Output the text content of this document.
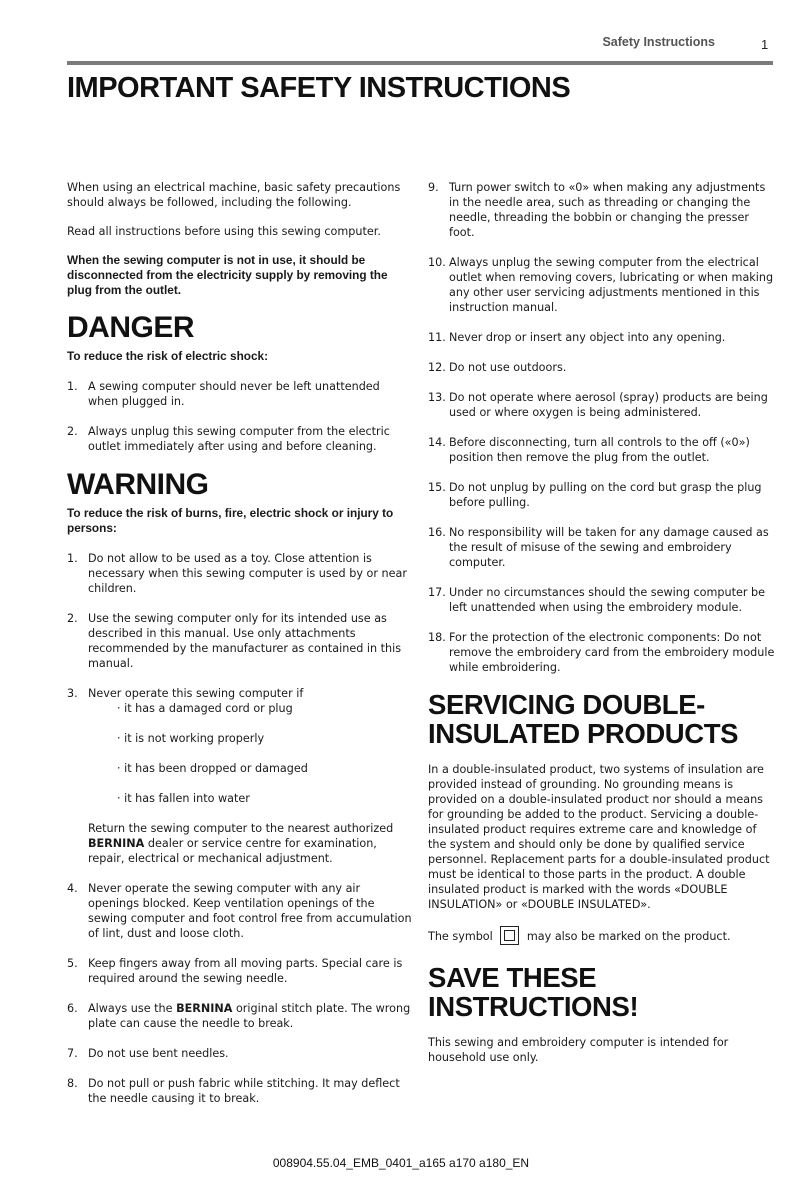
Safety Instructions	1
IMPORTANT SAFETY INSTRUCTIONS

When using an electrical machine, basic safety precautions should always be followed, including the following.

Read all instructions before using this sewing computer.

When the sewing computer is not in use, it should be disconnected from the electricity supply by removing the plug from the outlet.

DANGER

To reduce the risk of electric shock:

1. A sewing computer should never be left unattended when plugged in.
2. Always unplug this sewing computer from the electric outlet immediately after using and before cleaning.
WARNING

To reduce the risk of burns, fire, electric shock or injury to persons:

1. Do not allow to be used as a toy. Close attention is necessary when this sewing computer is used by or near children.
2. Use the sewing computer only for its intended use as described in this manual. Use only attachments recommended by the manufacturer as contained in this manual.
3. Never operate this sewing computer if
· it has a damaged cord or plug
· it is not working properly
· it has been dropped or damaged
· it has fallen into water
Return the sewing computer to the nearest authorized BERNINA dealer or service centre for examination, repair, electrical or mechanical adjustment.
4. Never operate the sewing computer with any air openings blocked. Keep ventilation openings of the sewing computer and foot control free from accumulation of lint, dust and loose cloth.
5. Keep fingers away from all moving parts. Special care is required around the sewing needle.
6. Always use the BERNINA original stitch plate. The wrong plate can cause the needle to break.
7. Do not use bent needles.
8. Do not pull or push fabric while stitching. It may deflect the needle causing it to break.
9. Turn power switch to «0» when making any adjustments in the needle area, such as threading or changing the needle, threading the bobbin or changing the presser foot.
10. Always unplug the sewing computer from the electrical outlet when removing covers, lubricating or when making any other user servicing adjustments mentioned in this instruction manual.
11. Never drop or insert any object into any opening.
12. Do not use outdoors.
13. Do not operate where aerosol (spray) products are being used or where oxygen is being administered.
14. Before disconnecting, turn all controls to the off («0») position then remove the plug from the outlet.
15. Do not unplug by pulling on the cord but grasp the plug before pulling.
16. No responsibility will be taken for any damage caused as the result of misuse of the sewing and embroidery computer.
17. Under no circumstances should the sewing computer be left unattended when using the embroidery module.
18. For the protection of the electronic components: Do not remove the embroidery card from the embroidery module while embroidering.
SERVICING DOUBLE-
INSULATED PRODUCTS

In a double-insulated product, two systems of insulation are provided instead of grounding. No grounding means is provided on a double-insulated product nor should a means for grounding be added to the product. Servicing a double-insulated product requires extreme care and knowledge of the system and should only be done by qualified service personnel. Replacement parts for a double-insulated product must be identical to those parts in the product. A double insulated product is marked with the words «DOUBLE INSULATION» or «DOUBLE INSULATED».

The symbol	may also be marked on the product.

SAVE THESE
INSTRUCTIONS!

This sewing and embroidery computer is intended for household use only.

008904.55.04_EMB_0401_a165 a170 a180_EN
